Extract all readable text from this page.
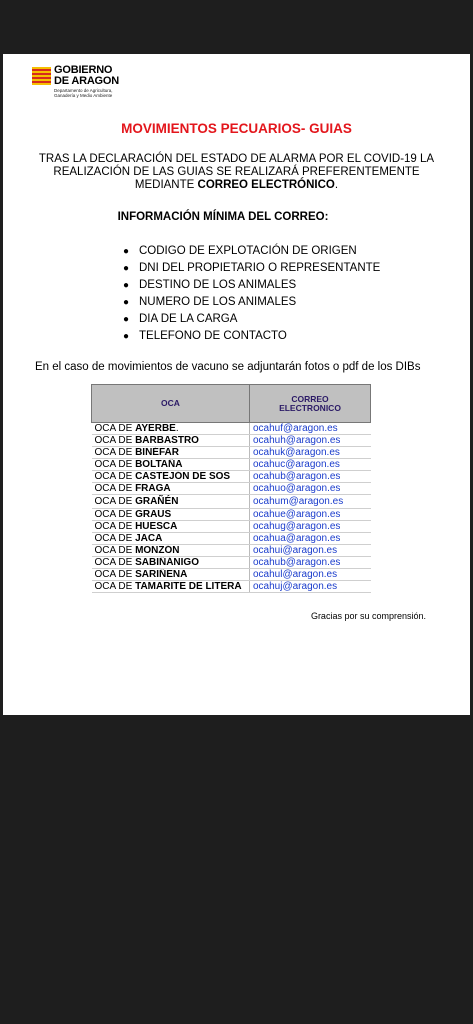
GOBIERNO
DE ARAGON
Departamento de Agricultura,
Ganadería y Medio Ambiente
MOVIMIENTOS PECUARIOS- GUIAS
TRAS LA DECLARACIÓN DEL ESTADO DE ALARMA POR EL COVID-19 LA
REALIZACIÓN DE LAS GUIAS SE REALIZARÁ PREFERENTEMENTE
MEDIANTE CORREO ELECTRÓNICO.
INFORMACIÓN MÍNIMA DEL CORREO:
● CODIGO DE EXPLOTACIÓN DE ORIGEN
● DNI DEL PROPIETARIO O REPRESENTANTE
● DESTINO DE LOS ANIMALES
● NUMERO DE LOS ANIMALES
● DIA DE LA CARGA
● TELEFONO DE CONTACTO
En el caso de movimientos de vacuno se adjuntarán fotos o pdf de los DIBs
OCA	CORREO
ELECTRONICO

OCA DE AYERBE.	ocahuf@aragon.es
OCA DE BARBASTRO	ocahuh@aragon.es
OCA DE BINÉFAR	ocahuk@aragon.es
OCA DE BOLTAÑA	ocahuc@aragon.es
OCA DE CASTEJÓN DE SOS	ocahub@aragon.es
OCA DE FRAGA	ocahuo@aragon.es
OCA DE GRAÑÉN	ocahum@aragon.es
OCA DE GRAUS	ocahue@aragon.es
OCA DE HUESCA	ocahug@aragon.es
OCA DE JACA	ocahua@aragon.es
OCA DE MONZÓN	ocahui@aragon.es
OCA DE SABIÑÁNIGO	ocahub@aragon.es
OCA DE SARIÑENA	ocahul@aragon.es
OCA DE TAMARITE DE LITERA	ocahuj@aragon.es
Gracias por su comprensión.
